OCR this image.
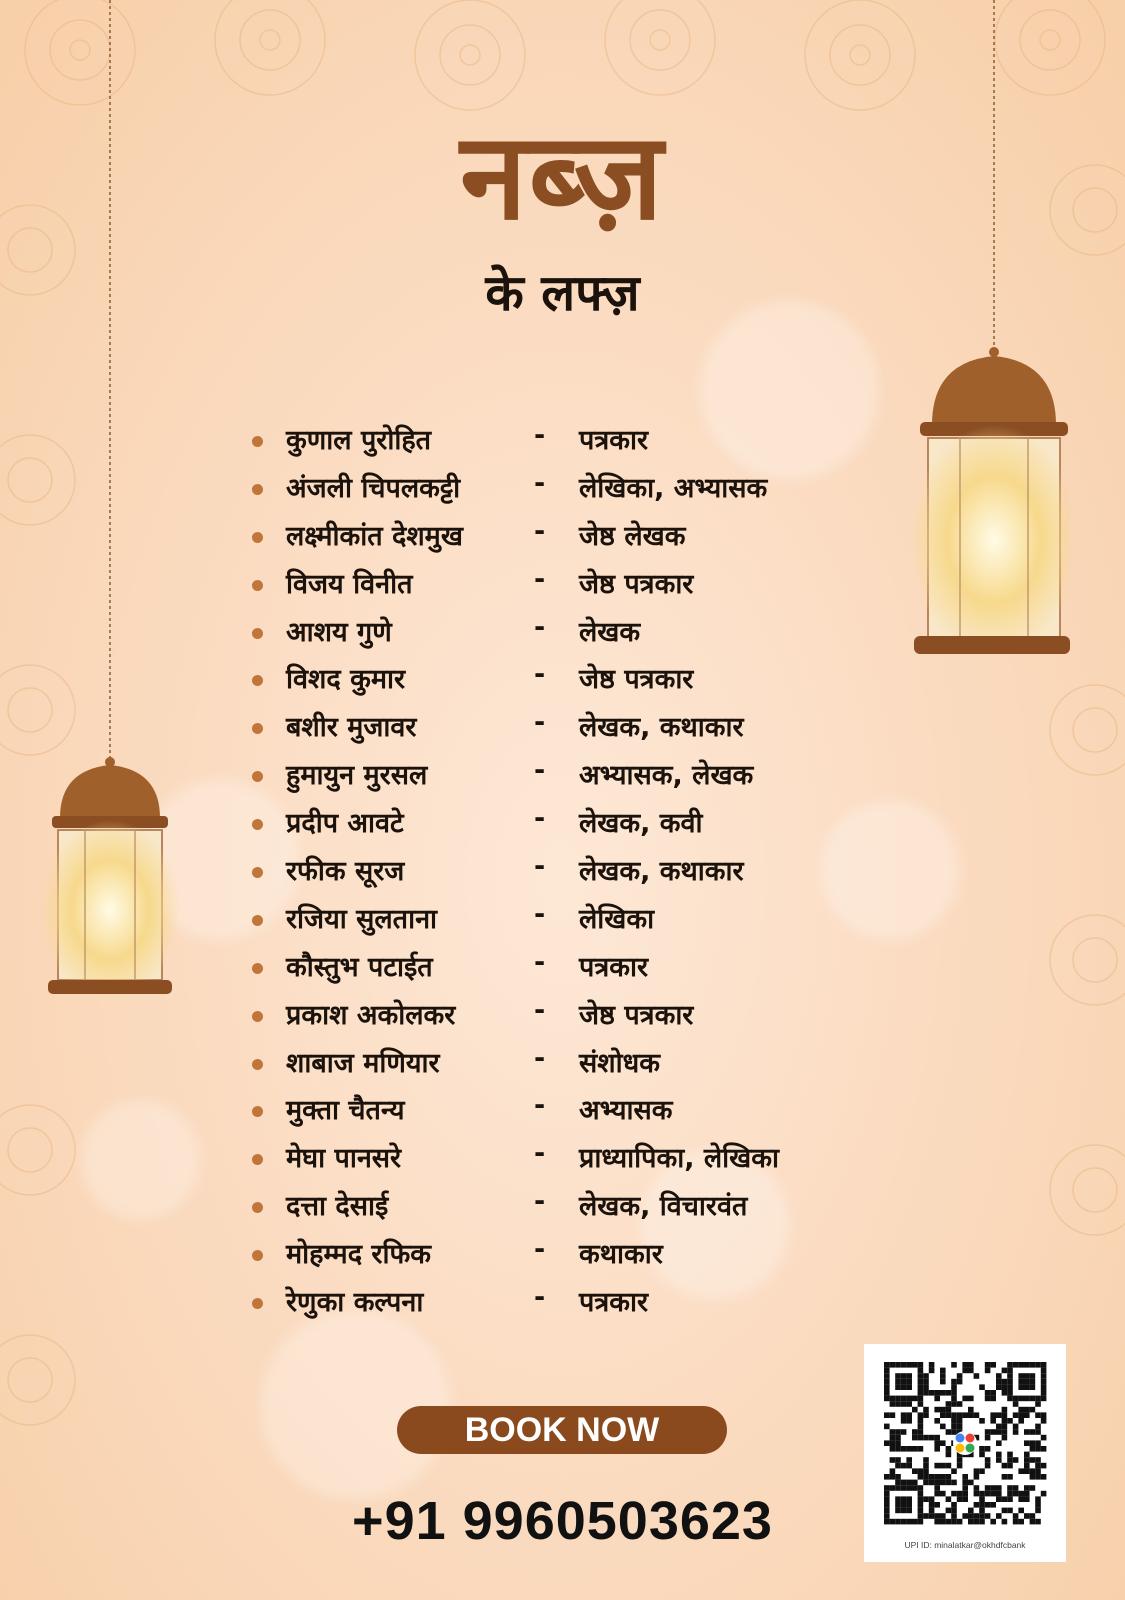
नब्ज़
के लफ्ज़
कुणाल पुरोहित	- पत्रकार
अंजली चिपलकट्टी	- लेखिका, अभ्यासक
लक्ष्मीकांत देशमुख	- जेष्ठ लेखक
विजय विनीत	- जेष्ठ पत्रकार
आशय गुणे	- लेखक
विशद कुमार	- जेष्ठ पत्रकार
बशीर मुजावर	- लेखक, कथाकार
हुमायुन मुरसल	- अभ्यासक, लेखक
प्रदीप आवटे	- लेखक, कवी
रफीक सूरज	- लेखक, कथाकार
रजिया सुलताना	- लेखिका
कौस्तुभ पटाईत	- पत्रकार
प्रकाश अकोलकर	- जेष्ठ पत्रकार
शाबाज मणियार	- संशोधक
मुक्ता चैतन्य	- अभ्यासक
मेघा पानसरे	- प्राध्यापिका, लेखिका
दत्ता देसाई	- लेखक, विचारवंत
मोहम्मद रफिक	- कथाकार
रेणुका कल्पना	- पत्रकार
BOOK NOW
+91 9960503623	UPI ID: minalatkar@okhdfcbank
